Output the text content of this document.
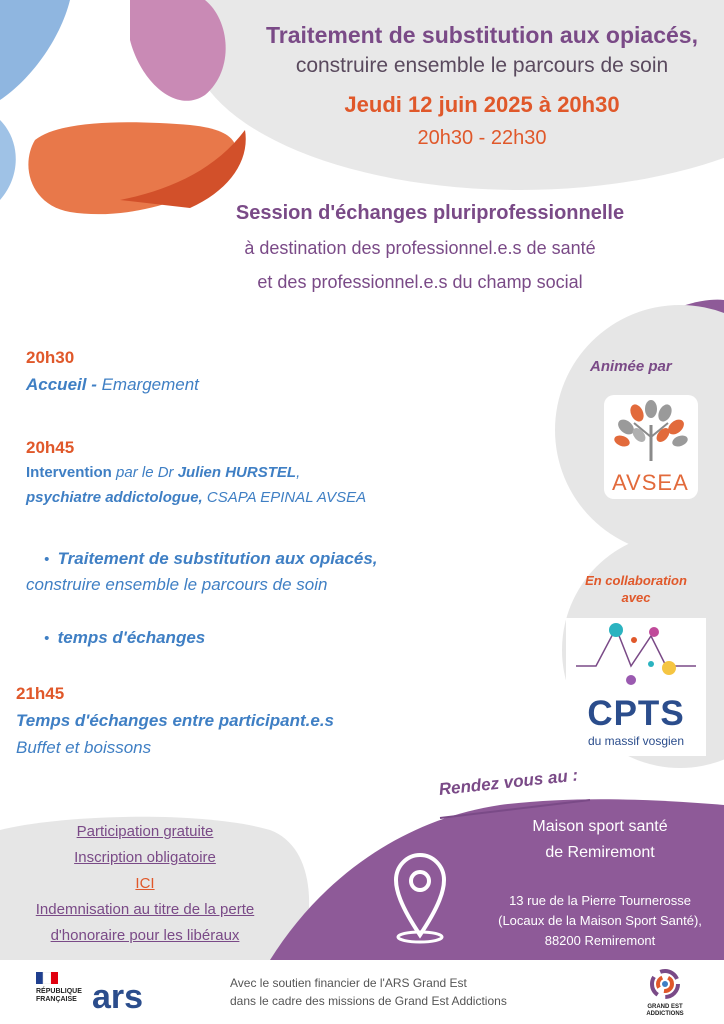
Traitement de substitution aux opiacés,
construire ensemble le parcours de soin
Jeudi 12 juin 2025 à 20h30
20h30 - 22h30
Session d'échanges pluriprofessionnelle
à destination des professionnel.e.s de santé
et des professionnel.e.s du champ social
20h30
Accueil - Emargement
20h45
Intervention par le Dr Julien HURSTEL,
psychiatre addictologue, CSAPA EPINAL AVSEA
•  Traitement de substitution aux opiacés,
construire ensemble le parcours de soin
•  temps d'échanges
21h45
Temps d'échanges entre participant.e.s
Buffet et boissons
Animée par
AVSEA
En collaboration
avec
CPTS
du massif vosgien
Rendez vous au :
Maison sport santé
de Remiremont
13 rue de la Pierre Tournerosse
(Locaux de la Maison Sport Santé),
88200 Remiremont
Participation gratuite
Inscription obligatoire
ICI
Indemnisation au titre de la perte
d'honoraire pour les libéraux
RÉPUBLIQUE
FRANÇAISE ars	Avec le soutien financier de l'ARS Grand Est
dans le cadre des missions de Grand Est Addictions	GRAND EST
ADDICTIONS
